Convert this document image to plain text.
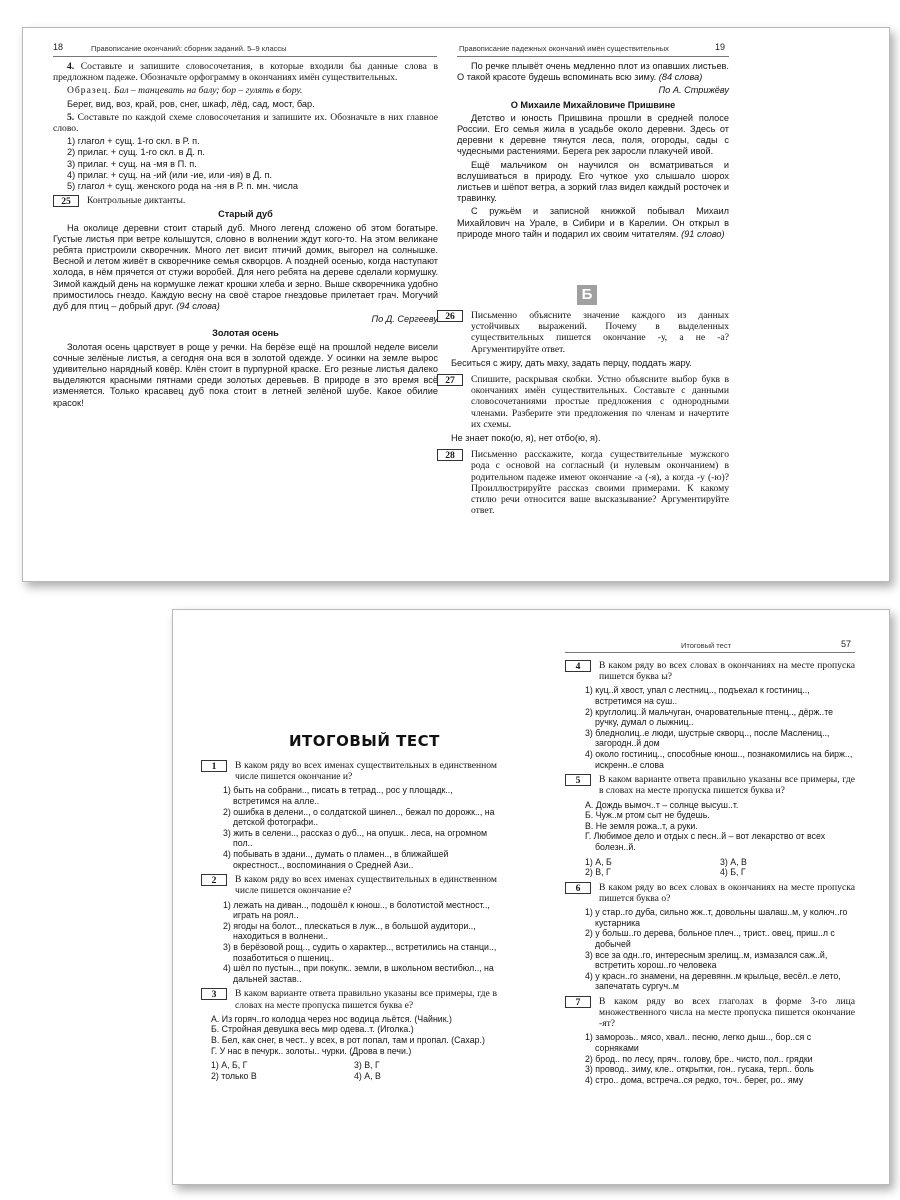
18	Правописание окончаний: сборник заданий. 5–9 классы
4. Составьте и запишите словосочетания, в которые входили бы данные слова в предложном падеже. Обозначьте орфограмму в окончаниях имён существительных.
Образец. Бал – танцевать на балу; бор – гулять в бору.
Берег, вид, воз, край, ров, снег, шкаф, лёд, сад, мост, бар.
5. Составьте по каждой схеме словосочетания и запишите их. Обозначьте в них главное слово.
1) глагол + сущ. 1-го скл. в Р. п.
2) прилаг. + сущ. 1-го скл. в Д. п.
3) прилаг. + сущ. на -мя в П. п.
4) прилаг. + сущ. на -ий (или -ие, или -ия) в Д. п.
5) глагол + сущ. женского рода на -ня в Р. п. мн. числа
25	Контрольные диктанты.
Старый дуб
На околице деревни стоит старый дуб. Много легенд сложено об этом богатыре. Густые листья при ветре колышутся, словно в волнении ждут кого-то. На этом великане ребята пристроили скворечник. Много лет висит птичий домик, выгорел на солнышке. Весной и летом живёт в скворечнике семья скворцов. А поздней осенью, когда наступают холода, в нём прячется от стужи воробей. Для него ребята на дереве сделали кормушку. Зимой каждый день на кормушке лежат крошки хлеба и зерно. Выше скворечника удобно примостилось гнездо. Каждую весну на своё старое гнездовье прилетает грач. Могучий дуб для птиц – добрый друг. (94 слова)
По Д. Сергееву
Золотая осень
Золотая осень царствует в роще у речки. На берёзе ещё на прошлой неделе висели сочные зелёные листья, а сегодня она вся в золотой одежде. У осинки на земле вырос удивительно нарядный ковёр. Клён стоит в пурпурной краске. Его резные листья далеко выделяются красными пятнами среди золотых деревьев. В природе в это время всё изменяется. Только красавец дуб пока стоит в летней зелёной шубе. Какое обилие красок!
Правописание падежных окончаний имён существительных	19
По речке плывёт очень медленно плот из опавших листьев. О такой красоте будешь вспоминать всю зиму. (84 слова)
По А. Стрижёву
О Михаиле Михайловиче Пришвине
Детство и юность Пришвина прошли в средней полосе России. Его семья жила в усадьбе около деревни. Здесь от деревни к деревне тянутся леса, поля, огороды, сады с чудесными растениями. Берега рек заросли плакучей ивой.
Ещё мальчиком он научился он всматриваться и вслушиваться в природу. Его чуткое ухо слышало шорох листьев и шёпот ветра, а зоркий глаз видел каждый росточек и травинку.
С ружьём и записной книжкой побывал Михаил Михайлович на Урале, в Сибири и в Карелии. Он открыл в природе много тайн и подарил их своим читателям. (91 слово)
Б
26	Письменно объясните значение каждого из данных устойчивых выражений. Почему в выделенных существительных пишется окончание -у, а не -а? Аргументируйте ответ.
Беситься с жиру, дать маху, задать перцу, поддать жару.
27	Спишите, раскрывая скобки. Устно объясните выбор букв в окончаниях имён существительных. Составьте с данными словосочетаниями простые предложения с однородными членами. Разберите эти предложения по членам и начертите их схемы.
Не знает поко(ю, я), нет отбо(ю, я).
28	Письменно расскажите, когда существительные мужского рода с основой на согласный (и нулевым окончанием) в родительном падеже имеют окончание -а (-я), а когда -у (-ю)? Проиллюстрируйте рассказ своими примерами. К какому стилю речи относится ваше высказывание? Аргументируйте ответ.
ИТОГОВЫЙ ТЕСТ
1	В каком ряду во всех именах существительных в единственном числе пишется окончание и?
1) быть на собрани.., писать в тетрад.., рос у площадк.., встретимся на алле..
2) ошибка в делени.., о солдатской шинел.., бежал по дорожк.., на детской фотографи..
3) жить в селени.., рассказ о дуб.., на опушк.. леса, на огромном пол..
4) побывать в здани.., думать о пламен.., в ближайшей окрестност.., воспоминания о Средней Ази..
2	В каком ряду во всех именах существительных в единственном числе пишется окончание е?
1) лежать на диван.., подошёл к юнош.., в болотистой местност.., играть на роял..
2) ягоды на болот.., плескаться в луж.., в большой аудитори.., находиться в волнени..
3) в берёзовой рощ.., судить о характер.., встретились на станци.., позаботиться о пшениц..
4) шёл по пустын.., при покупк.. земли, в школьном вестибюл.., на дальней застав..
3	В каком варианте ответа правильно указаны все примеры, где в словах на месте пропуска пишется буква е?
А. Из горяч..го колодца через нос водица льётся. (Чайник.)
Б. Стройная девушка весь мир одева..т. (Иголка.)
В. Бел, как снег, в чест.. у всех, в рот попал, там и пропал. (Сахар.)
Г. У нас в печурк.. золоты.. чурки. (Дрова в печи.)
1) А, Б, Г	3) В, Г
2) только В	4) А, В
Итоговый тест	57
4	В каком ряду во всех словах в окончаниях на месте пропуска пишется буква ы?
1) куц..й хвост, упал с лестниц.., подъехал к гостиниц.., встретимся на суш..
2) круглолиц..й мальчуган, очаровательные птенц.., дёрж..те ручку, думал о лыжниц..
3) бледнолиц..е люди, шустрые скворц.., после Маслениц.., загородн..й дом
4) около гостиниц.., способные юнош.., познакомились на бирж.., искренн..е слова
5	В каком варианте ответа правильно указаны все примеры, где в словах на месте пропуска пишется буква и?
А. Дождь вымоч..т – солнце высуш..т.
Б. Чуж..м ртом сыт не будешь.
В. Не земля рожа..т, а руки.
Г. Любимое дело и отдых с песн..й – вот лекарство от всех болезн..й.
1) А, Б	3) А, В
2) В, Г	4) Б, Г
6	В каком ряду во всех словах в окончаниях на месте пропуска пишется буква о?
1) у стар..го дуба, сильно жж..т, довольны шалаш..м, у колюч..го кустарника
2) у больш..го дерева, больное плеч.., трист.. овец, приш..л с добычей
3) все за одн..го, интересным зрелищ..м, измазался саж..й, встретить хорош..го человека
4) у красн..го знамени, на деревянн..м крыльце, весёл..е лето, запечатать сургуч..м
7	В каком ряду во всех глаголах в форме 3-го лица множественного числа на месте пропуска пишется окончание -ят?
1) заморозь.. мясо, хвал.. песню, легко дыш.., бор..ся с сорняками
2) брод.. по лесу, пряч.. голову, бре.. чисто, пол.. грядки
3) провод.. зиму, кле.. открытки, гон.. гусака, терп.. боль
4) стро.. дома, встреча..ся редко, точ.. берег, ро.. яму
